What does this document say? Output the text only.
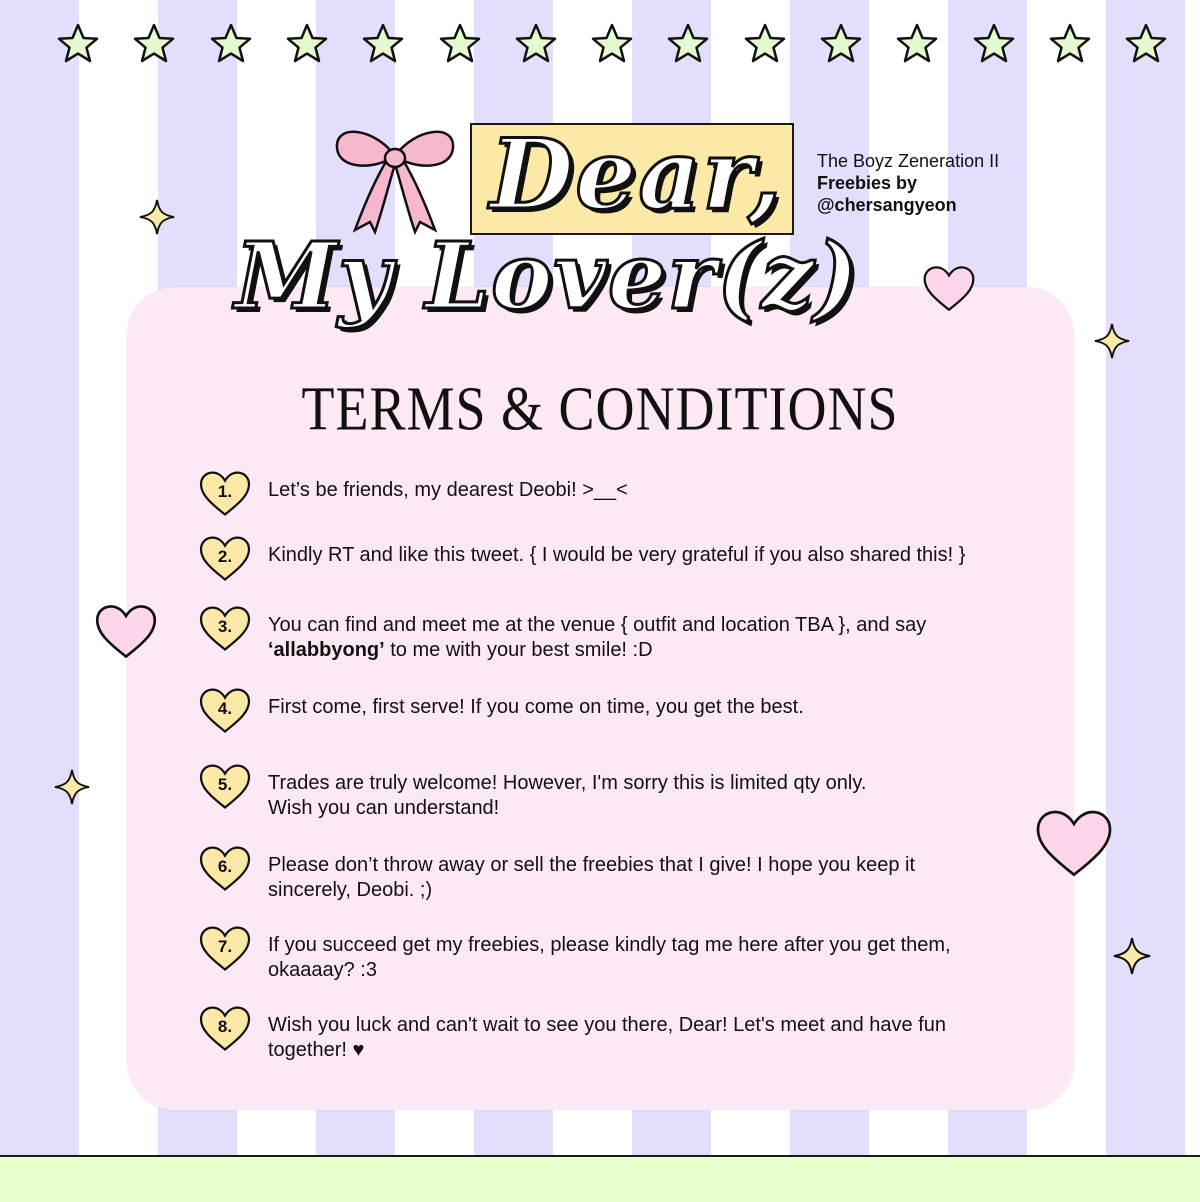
Dear,
My Lover(z)
The Boyz Zeneration II
Freebies by
@chersangyeon
TERMS & CONDITIONS
1.	Let’s be friends, my dearest Deobi! >__<
2.	Kindly RT and like this tweet. { I would be very grateful if you also shared this! }
3.	You can find and meet me at the venue { outfit and location TBA }, and say
‘allabbyong’ to me with your best smile! :D
4.	First come, first serve! If you come on time, you get the best.
5.	Trades are truly welcome! However, I'm sorry this is limited qty only.
Wish you can understand!
6.	Please don’t throw away or sell the freebies that I give! I hope you keep it
sincerely, Deobi. ;)
7.	If you succeed get my freebies, please kindly tag me here after you get them,
okaaaay? :3
8.	Wish you luck and can't wait to see you there, Dear! Let's meet and have fun
together! ♥
